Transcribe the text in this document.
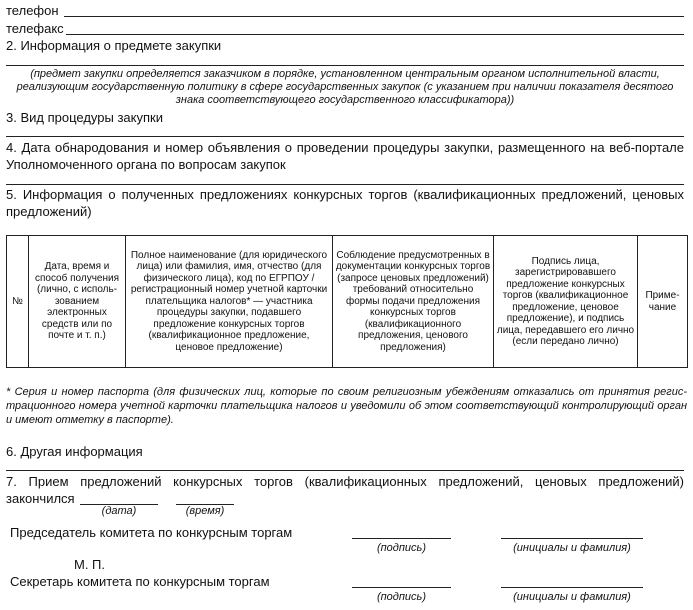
телефон
телефакс
2. Информация о предмете закупки
(предмет закупки определяется заказчиком в порядке, установленном центральным органом исполнительной власти,
реализующим государственную политику в сфере государственных закупок (с указанием при наличии показателя десятого
знака соответствующего государственного классификатора))
3. Вид процедуры закупки
4. Дата обнародования и номер объявления о проведении процедуры закупки, размещенного на веб-портале
Уполномоченного органа по вопросам закупок
5. Информация о полученных предложениях конкурсных торгов (квалификационных предложений, ценовых
предложений)
№	Дата, время и способ получения (лично, с исполь-зованием электронных средств или по почте и т. п.)	Полное наименование (для юридического лица) или фамилия, имя, отчество (для физического лица), код по ЕГРПОУ /регистрационный номер учетной карточки плательщика налогов* — участника процедуры закупки, подавшего предложение конкурсных торгов (квалификационное предложение, ценовое предложение)	Соблюдение предусмотренных в документации конкурсных торгов (запросе ценовых предложений) требований относительно формы подачи предложения конкурсных торгов (квалификационного предложения, ценового предложения)	Подпись лица, зарегистрировавшего предложение конкурсных торгов (квалификационное предложение, ценовое предложение), и подпись лица, передавшего его лично (если передано лично)	Приме-чание
* Серия и номер паспорта (для физических лиц, которые по своим религиозным убеждениям отказались от принятия регис-
трационного номера учетной карточки плательщика налогов и уведомили об этом соответствующий контролирующий орган
и имеют отметку в паспорте).
6. Другая информация
7. Прием предложений конкурсных торгов (квалификационных предложений, ценовых предложений)
закончился
(дата)	(время)
Председатель комитета по конкурсным торгам
(подпись)	(инициалы и фамилия)
М. П.
Секретарь комитета по конкурсным торгам
(подпись)	(инициалы и фамилия)
